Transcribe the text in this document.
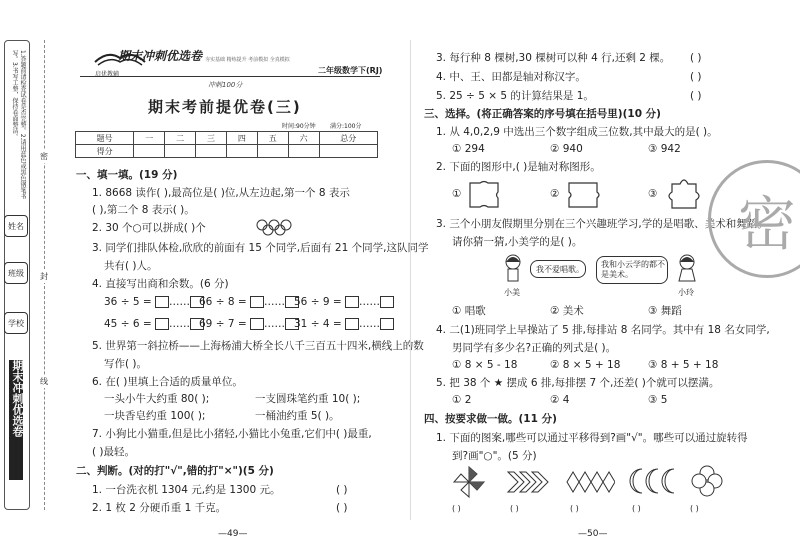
1.答题前请检查试卷是否完整。2.请用蓝色或黑色钢笔书写。3.书写工整，保持卷面整洁。
姓名
班级
学校
期末冲刺优选卷
密
封
线
期末冲刺优选卷
启优教辅
夯实基础 精练提升 考前模拟 全真模拟
二年级数学下(RJ)
冲刺100分
期末考前提优卷(三)
时间:90分钟 满分:100分
题号	一	二	三	四	五	六	总分
得分							
一、填一填。(19 分)
1. 8668 读作( ),最高位是( )位,从左边起,第一个 8 表示
( ),第二个 8 表示( )。
2. 30 个○可以拼成( )个
3. 同学们排队体检,欣欣的前面有 15 个同学,后面有 21 个同学,这队同学
共有( )人。
4. 直接写出商和余数。(6 分)
36 ÷ 5 = …… 66 ÷ 8 = …… 56 ÷ 9 = ……
45 ÷ 6 = …… 69 ÷ 7 = …… 31 ÷ 4 = ……
5. 世界第一斜拉桥——上海杨浦大桥全长八千三百五十四米,横线上的数
写作( )。
6. 在( )里填上合适的质量单位。
一头小牛大约重 80( );	一支圆珠笔约重 10( );
一块香皂约重 100( );	一桶油约重 5( )。
7. 小狗比小猫重,但是比小猪轻,小猫比小兔重,它们中( )最重,
( )最轻。
二、判断。(对的打"√",错的打"×")(5 分)
1. 一台洗衣机 1304 元,约是 1300 元。	( )
2. 1 枚 2 分硬币重 1 千克。	( )
—49—
3. 每行种 8 棵树,30 棵树可以种 4 行,还剩 2 棵。 ( )
4. 中、王、田都是轴对称汉字。	( )
5. 25 ÷ 5 × 5 的计算结果是 1。	( )
三、选择。(将正确答案的序号填在括号里)(10 分)
1. 从 4,0,2,9 中选出三个数字组成三位数,其中最大的是( )。
① 294	② 940	③ 942
2. 下面的图形中,( )是轴对称图形。
①	②	③
3. 三个小朋友假期里分别在三个兴趣班学习,学的是唱歌、美术和舞蹈。
请你猜一猜,小美学的是( )。
小美
我不爱唱歌。
我和小云学的都不是美术。
小玲
① 唱歌	② 美术	③ 舞蹈
4. 二(1)班同学上早操站了 5 排,每排站 8 名同学。其中有 18 名女同学,
男同学有多少名?正确的列式是( )。
① 8 × 5 - 18	② 8 × 5 + 18	③ 8 + 5 + 18
5. 把 38 个 ★ 摆成 6 排,每排摆 7 个,还差( )个就可以摆满。
① 2	② 4	③ 5
四、按要求做一做。(11 分)
1. 下面的图案,哪些可以通过平移得到?画"√"。哪些可以通过旋转得
到?画"○"。(5 分)
( )	( )	( )	( )	( )
—50—
密
